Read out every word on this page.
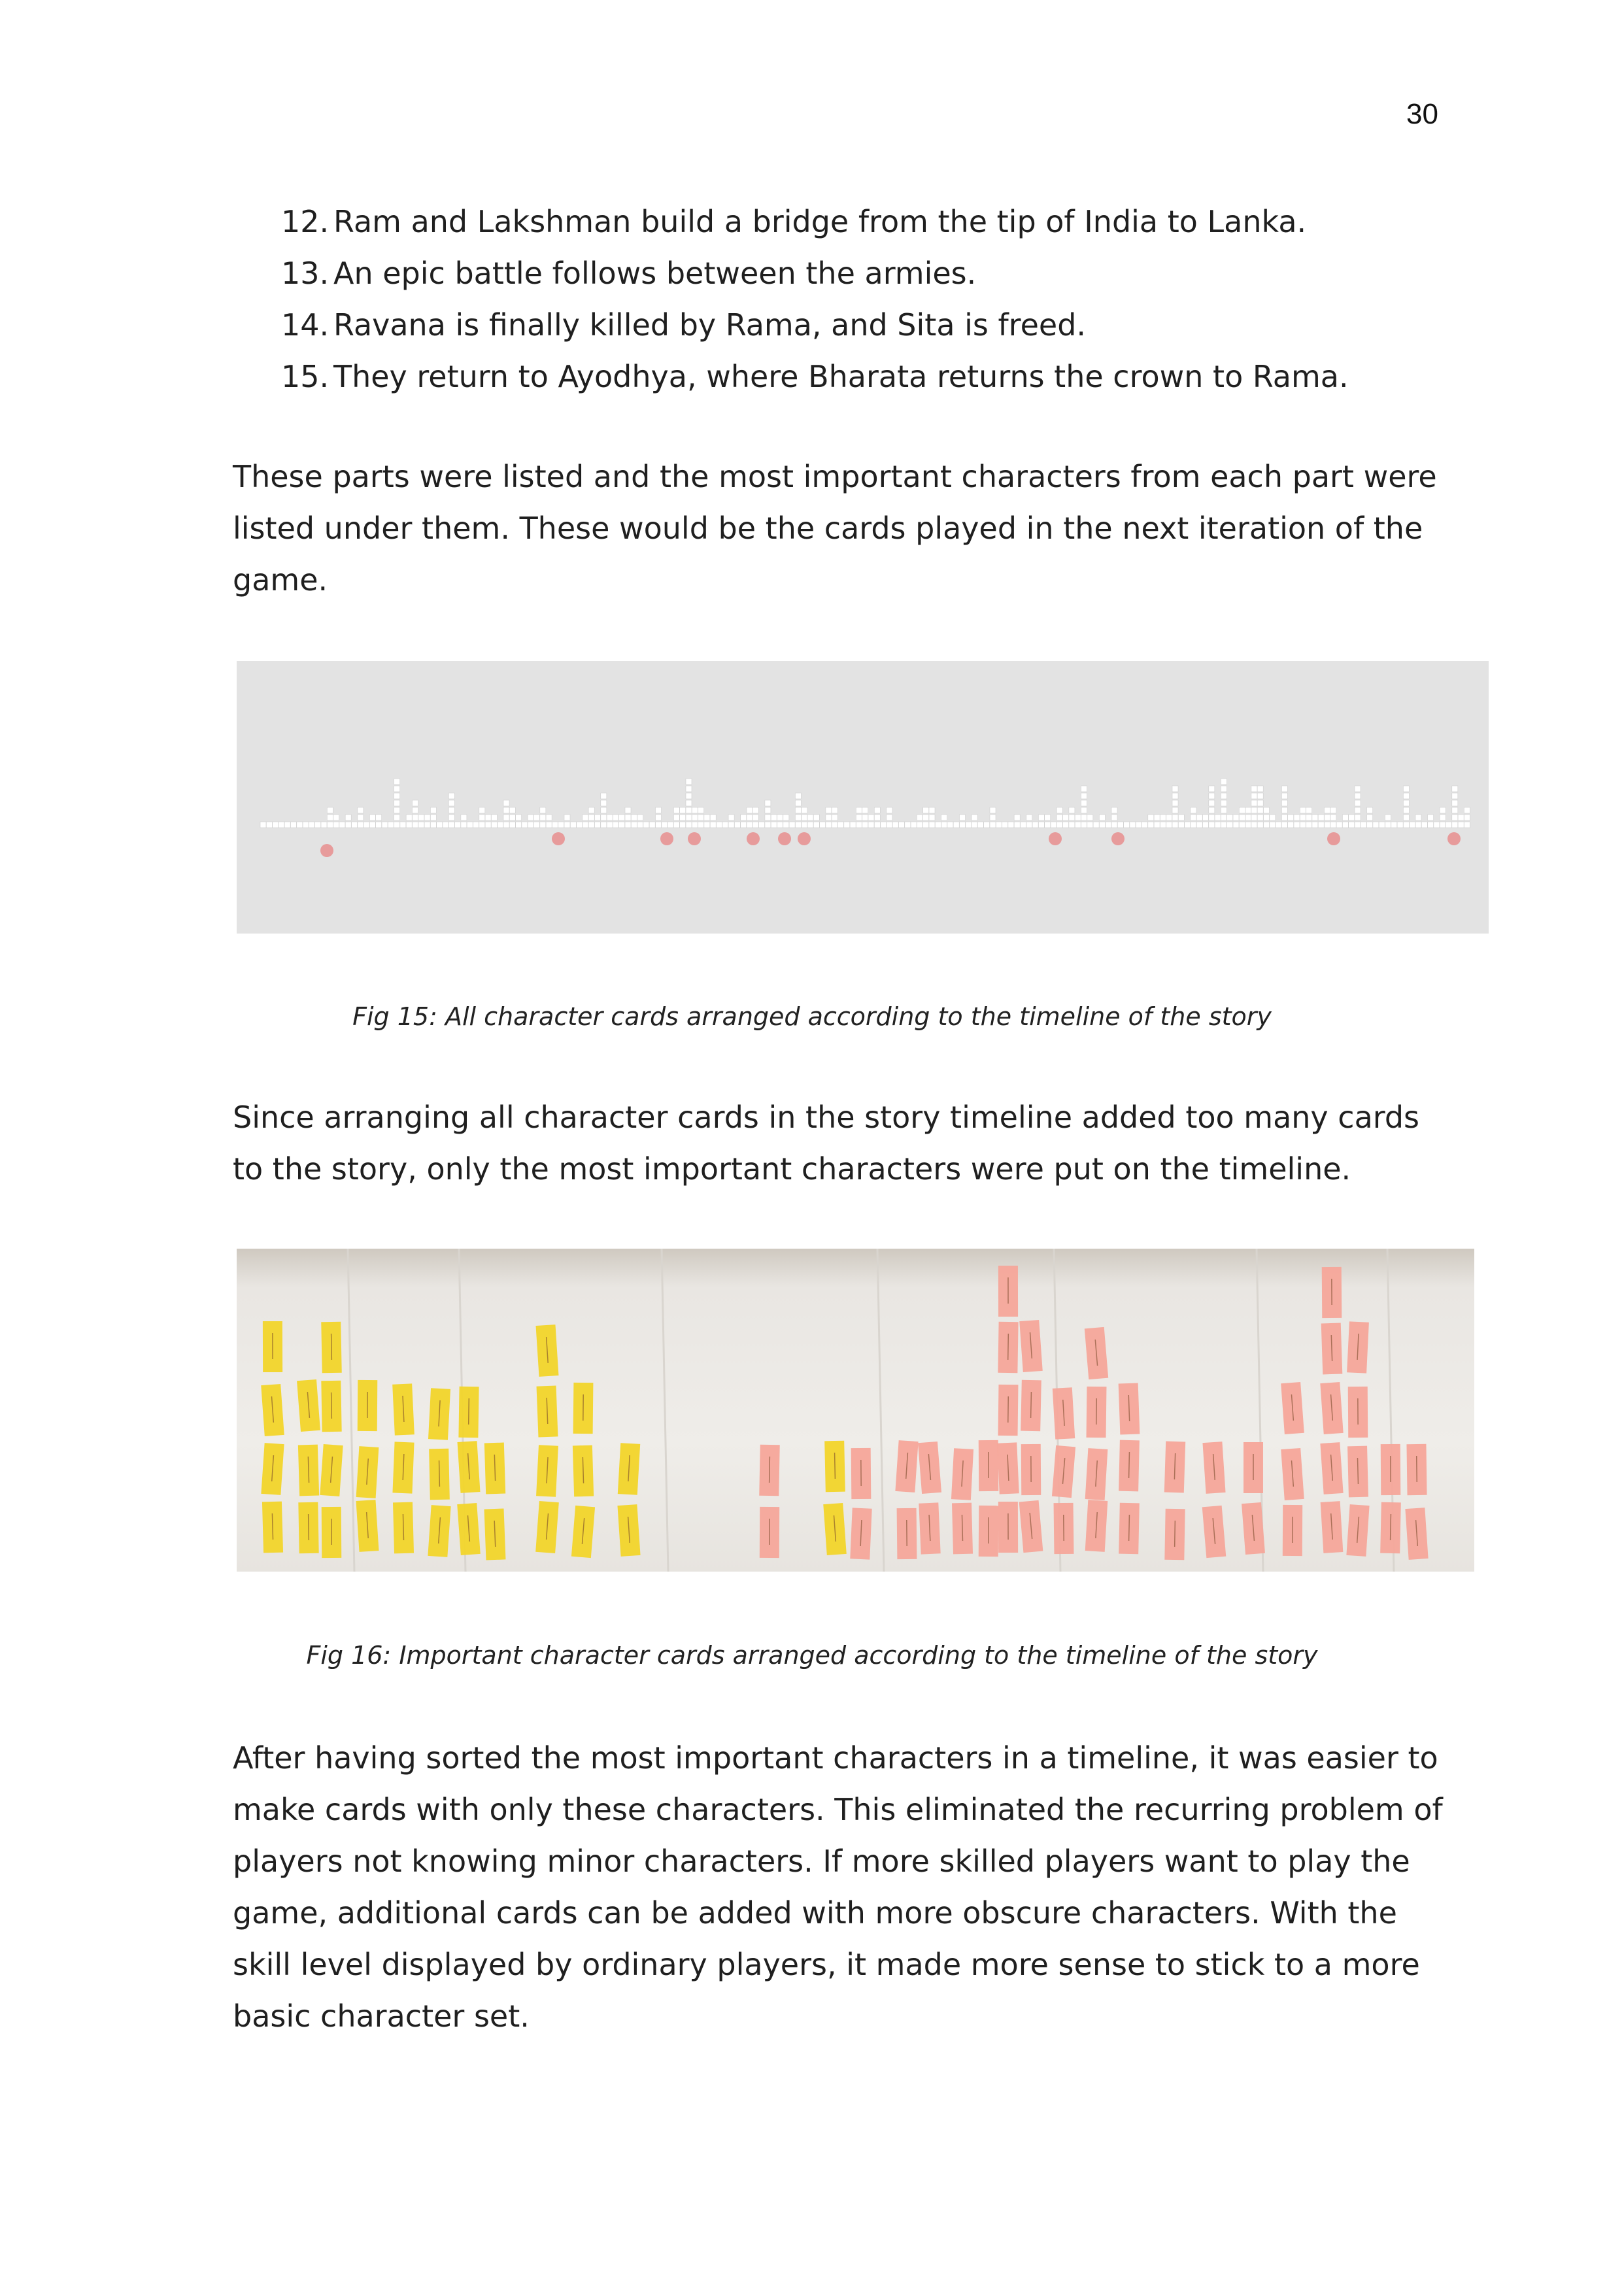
30
12. Ram and Lakshman build a bridge from the tip of India to Lanka.
13. An epic battle follows between the armies.
14. Ravana is finally killed by Rama, and Sita is freed.
15. They return to Ayodhya, where Bharata returns the crown to Rama.

These parts were listed and the most important characters from each part were listed under them. These would be the cards played in the next iteration of the game.

Fig 15: All character cards arranged according to the timeline of the story

Since arranging all character cards in the story timeline added too many cards to the story, only the most important characters were put on the timeline.

Fig 16: Important character cards arranged according to the timeline of the story

After having sorted the most important characters in a timeline, it was easier to make cards with only these characters. This eliminated the recurring problem of players not knowing minor characters. If more skilled players want to play the game, additional cards can be added with more obscure characters. With the skill level displayed by ordinary players, it made more sense to stick to a more basic character set.
